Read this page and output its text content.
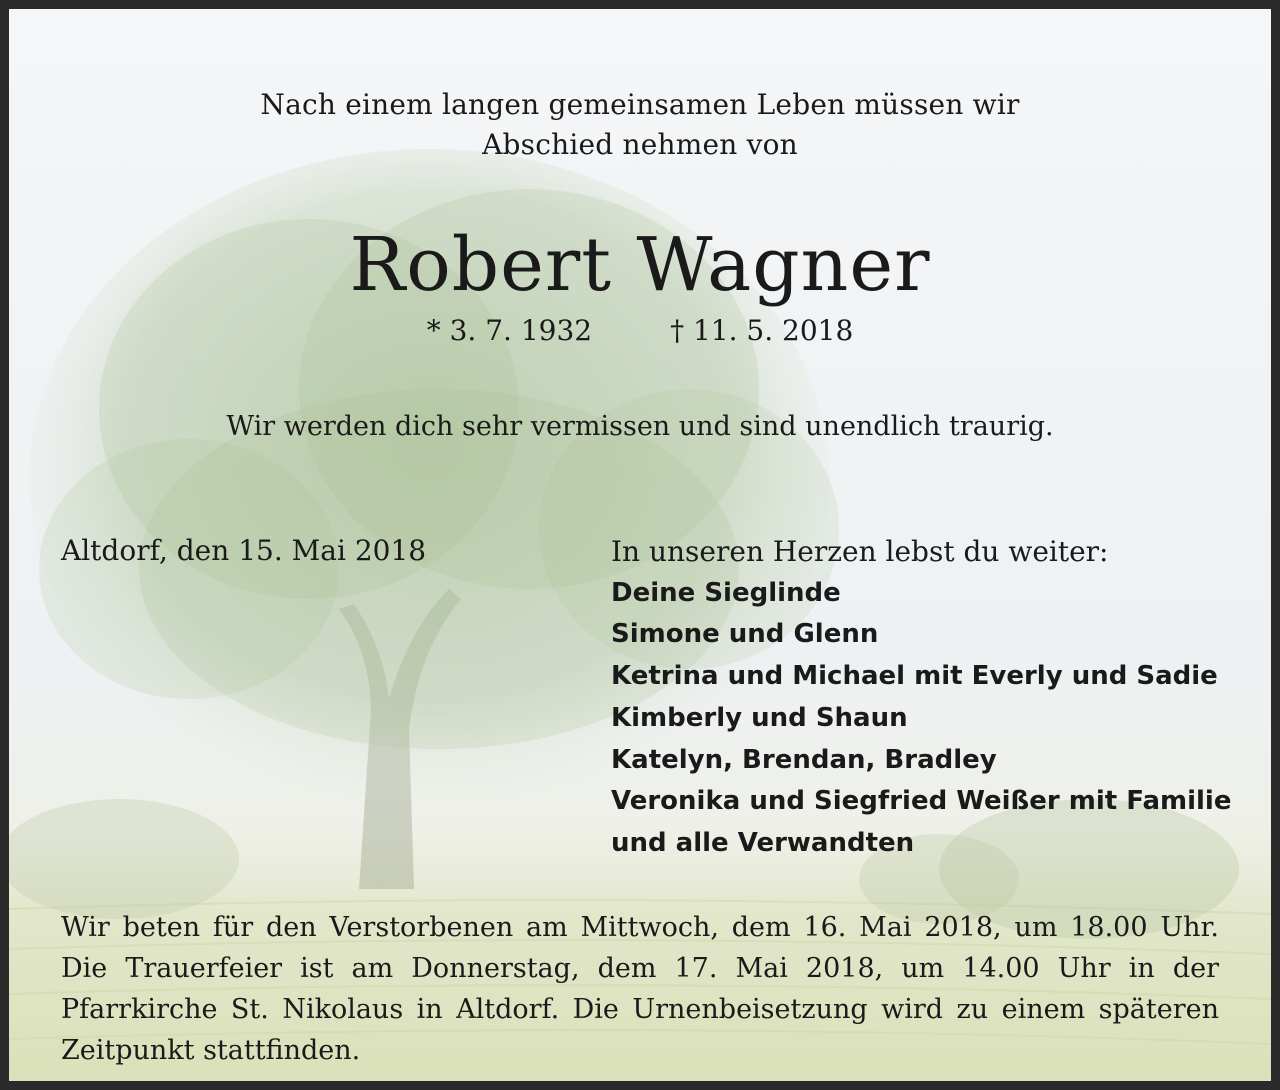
Nach einem langen gemeinsamen Leben müssen wir
Abschied nehmen von
Robert Wagner
* 3. 7. 1932	† 11. 5. 2018
Wir werden dich sehr vermissen und sind unendlich traurig.
Altdorf, den 15. Mai 2018	In unseren Herzen lebst du weiter:
Deine Sieglinde
Simone und Glenn
Ketrina und Michael mit Everly und Sadie
Kimberly und Shaun
Katelyn, Brendan, Bradley
Veronika und Siegfried Weißer mit Familie
und alle Verwandten
Wir beten für den Verstorbenen am Mittwoch, dem 16. Mai 2018, um 18.00 Uhr. Die Trauerfeier ist am Donnerstag, dem 17. Mai 2018, um 14.00 Uhr in der Pfarrkirche St. Nikolaus in Altdorf. Die Urnenbeisetzung wird zu einem späteren Zeitpunkt stattfinden.
